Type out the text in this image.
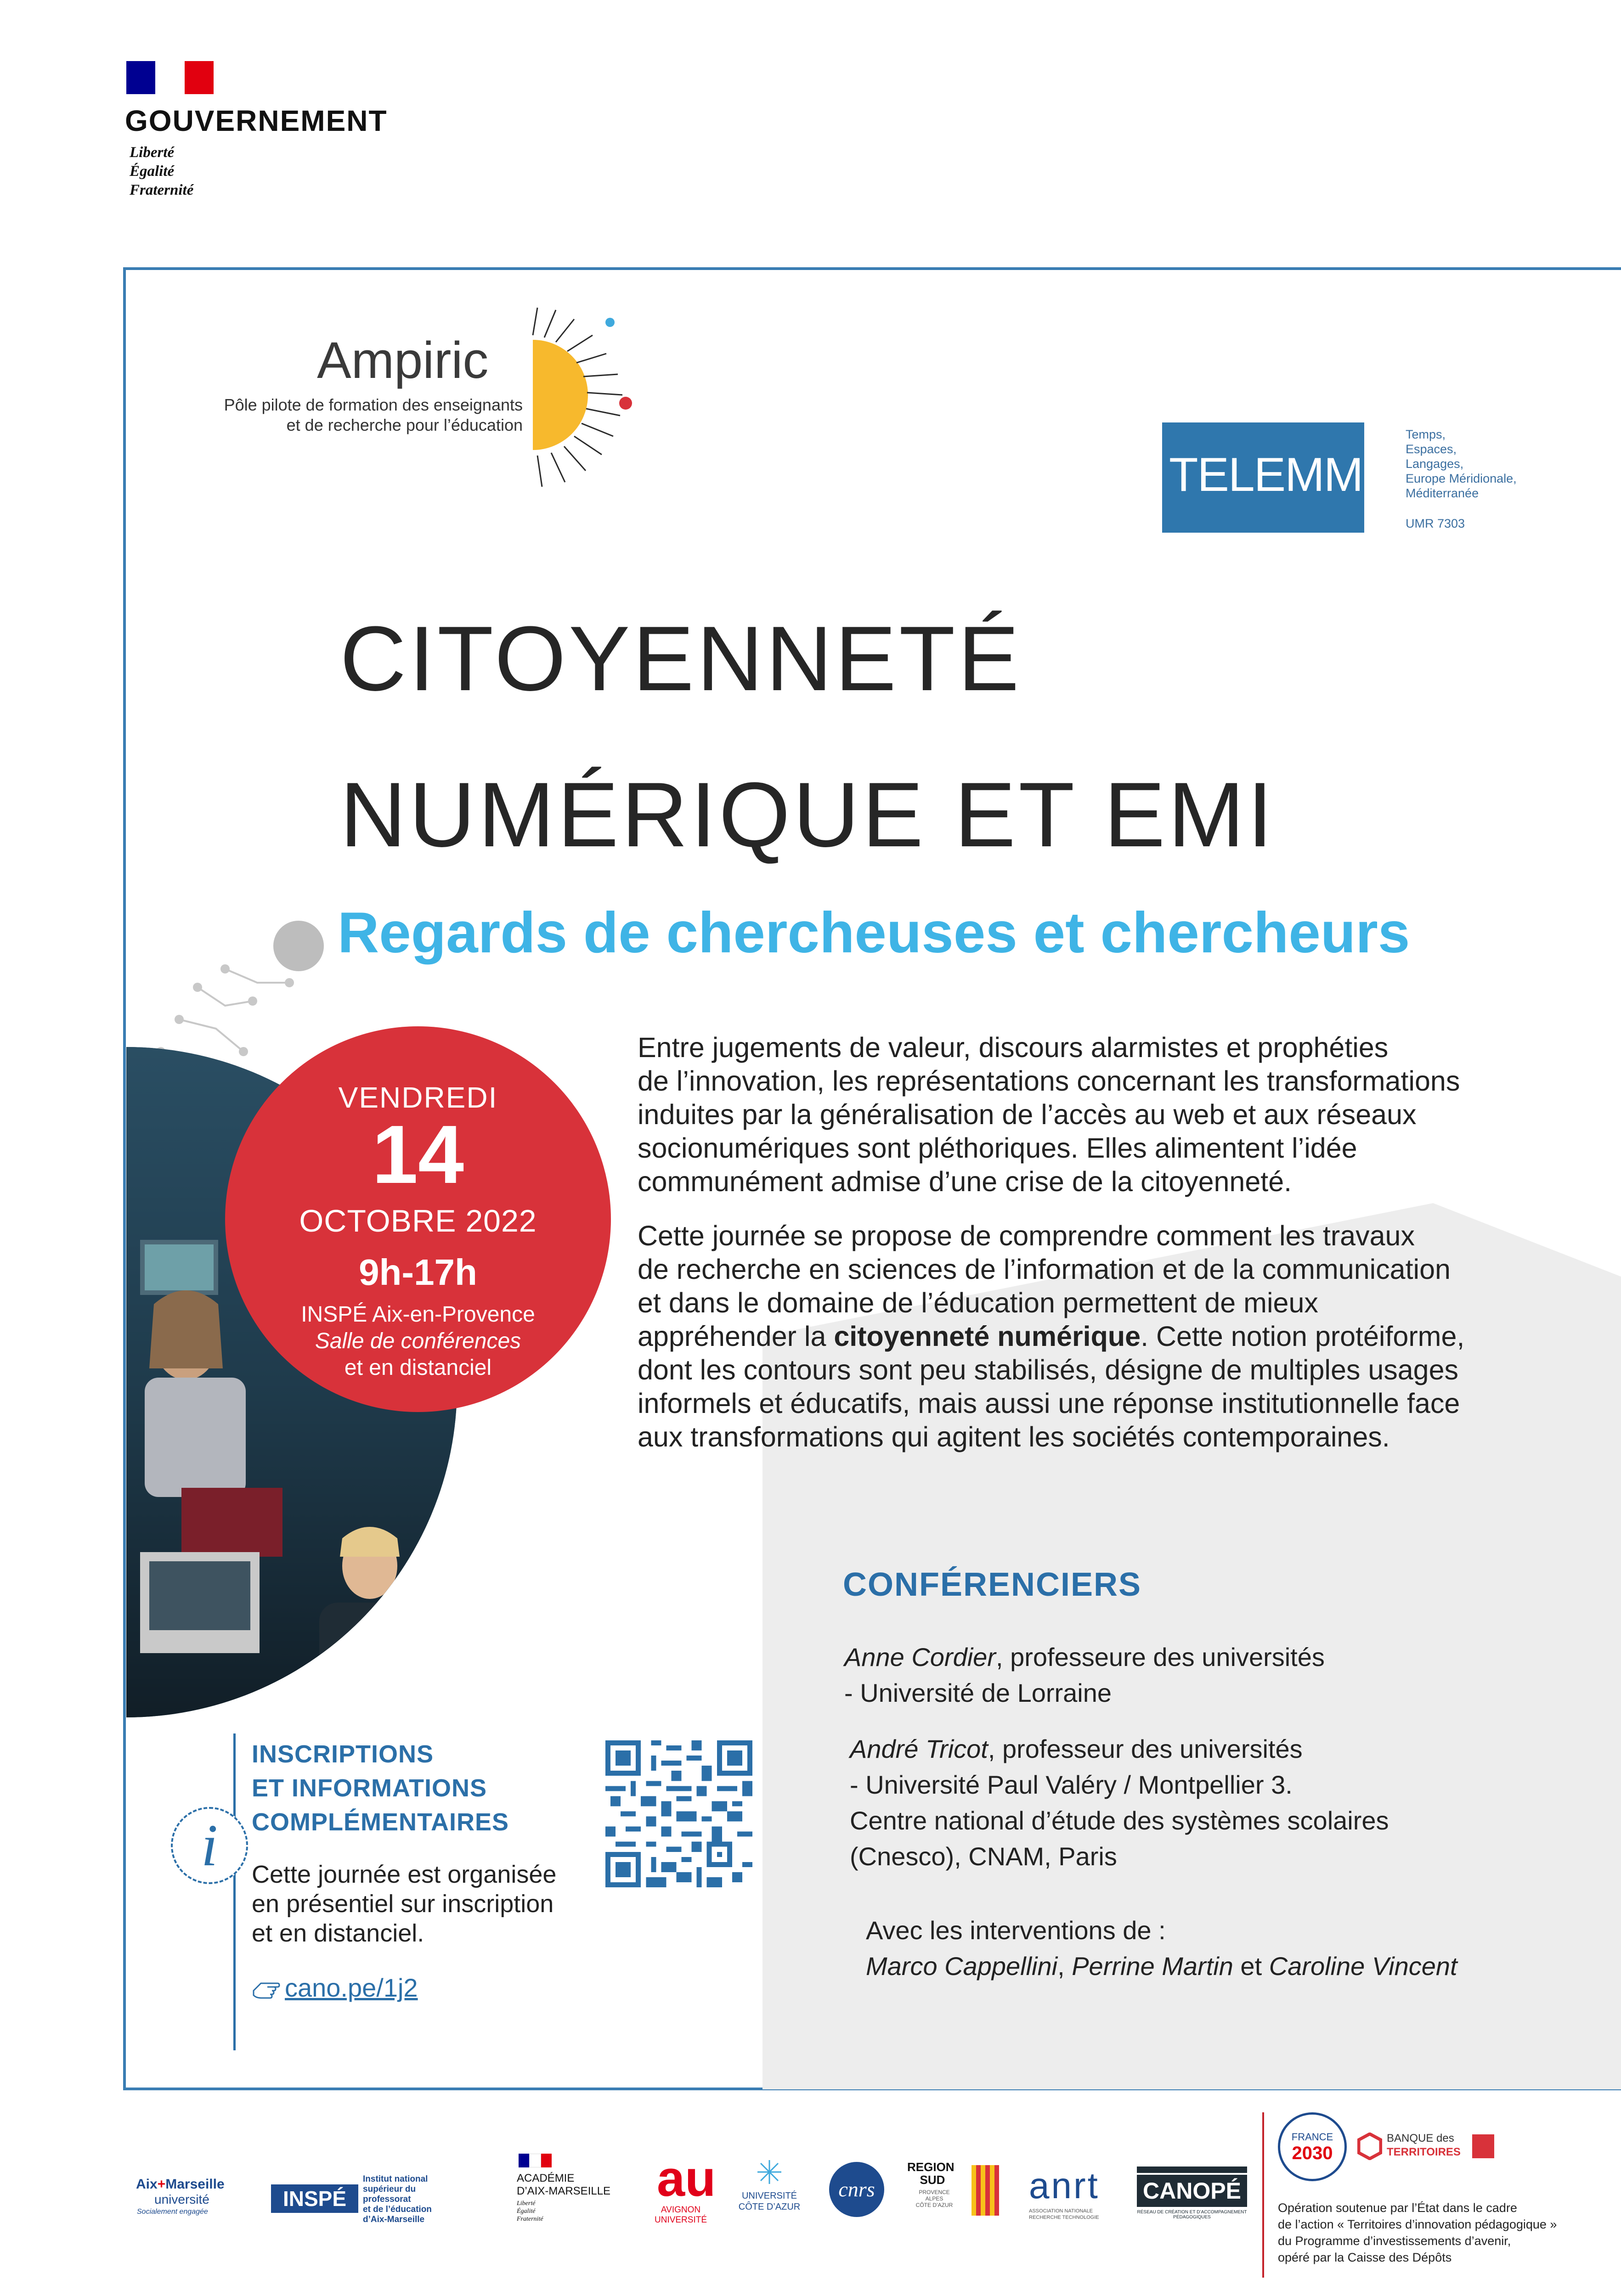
GOUVERNEMENT
Liberté
Égalité
Fraternité
Ampiric
Pôle pilote de formation des enseignants
et de recherche pour l’éducation
TELEMMe
Temps,
Espaces,
Langages,
Europe Méridionale,
Méditerranée
UMR 7303
CITOYENNETÉ
NUMÉRIQUE ET EMI
Regards de chercheuses et chercheurs
VENDREDI
14
OCTOBRE 2022
9h-17h
INSPÉ Aix-en-Provence
Salle de conférences
et en distanciel
Entre jugements de valeur, discours alarmistes et prophéties
de l’innovation, les représentations concernant les transformations
induites par la généralisation de l’accès au web et aux réseaux
socionumériques sont pléthoriques. Elles alimentent l’idée
communément admise d’une crise de la citoyenneté.
Cette journée se propose de comprendre comment les travaux
de recherche en sciences de l’information et de la communication
et dans le domaine de l’éducation permettent de mieux
appréhender la citoyenneté numérique. Cette notion protéiforme,
dont les contours sont peu stabilisés, désigne de multiples usages
informels et éducatifs, mais aussi une réponse institutionnelle face
aux transformations qui agitent les sociétés contemporaines.
CONFÉRENCIERS
Anne Cordier, professeure des universités
- Université de Lorraine
André Tricot, professeur des universités
- Université Paul Valéry / Montpellier 3.
Centre national d’étude des systèmes scolaires
(Cnesco), CNAM, Paris
Avec les interventions de :
Marco Cappellini, Perrine Martin et Caroline Vincent
i
INSCRIPTIONS
ET INFORMATIONS
COMPLÉMENTAIRES
Cette journée est organisée
en présentiel sur inscription
et en distanciel.
cano.pe/1j2
Aix+Marseille
université
Socialement engagée
INSPÉ
Institut national
supérieur du professorat
et de l’éducation
d’Aix-Marseille
ACADÉMIE
D’AIX-MARSEILLE
Liberté
Égalité
Fraternité
au
AVIGNON
UNIVERSITÉ
UNIVERSITÉ
CÔTE D’AZUR
cnrs
REGION
SUD
PROVENCE
ALPES
CÔTE D’AZUR anrt
ASSOCIATION NATIONALE
RECHERCHE TECHNOLOGIE
CANOPÉ
RÉSEAU DE CRÉATION ET D’ACCOMPAGNEMENT PÉDAGOGIQUES
FRANCE
2030
BANQUE des
TERRITOIRES
Opération soutenue par l’État dans le cadre
de l’action « Territoires d’innovation pédagogique »
du Programme d’investissements d’avenir,
opéré par la Caisse des Dépôts
